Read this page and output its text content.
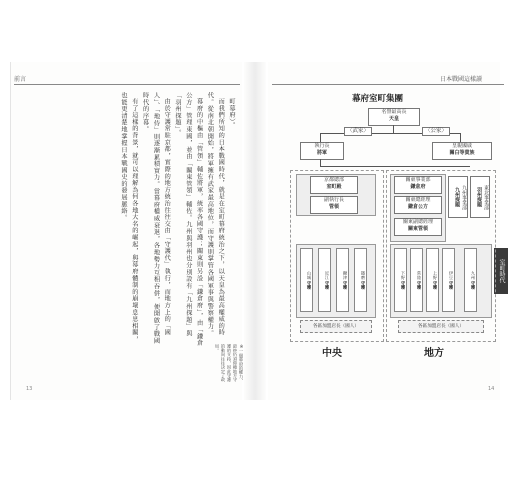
前言	日本戰國這樣讀

町幕府）。

而我們所知的日本戰國時代，就是在室町幕府統治之下，以天皇為最高權威的時代。從南北朝開始，將軍擁有武家最高地位，而守護則掌管各國軍事與警察權力。

幕府的中樞由「管領」輔佐將軍，統率各國守護；關東則另設「鎌倉府」，由「鎌倉公方」管理東國，並由「關東管領」輔佐。九州與羽州也分別設有「九州探題」與「羽州探題」。

由於守護常駐京都，實際的地方統治往往交由「守護代」執行，而地方上的「國人」、「地侍」則逐漸累積實力。當幕府權威衰退，各地勢力互相吞併，便開啟了戰國時代的序幕。

有了這樣的背景，就可以理解為何各地大名的崛起，與幕府體制的崩壞息息相關，也能更清楚地掌握日本戰國史的發展脈絡。

※一個幕府的權力，最終仍須仰賴地方守護的支持，因此守護的動向往往決定了政局。
13	14
室町時代
幕府室町集團
名譽最高長
天皇
〈武家〉	〈公家〉
執行長
將軍
皇親國戚
關白等貴族
京都總部
室町殿
副執行長
管領
關東事業部
鎌倉府
關東總經理
鎌倉公方
關東副總經理
關東管領
九州事業部
九州探題	東北事業部
羽州探題
山城 守護
近江 守護
攝津 守護
播磨 守護
下野 守護
常陸 守護
上野 守護
伊豆 守護
九州 守護
各區加盟店長（國人）	各區加盟店長（國人）
中央	地方
